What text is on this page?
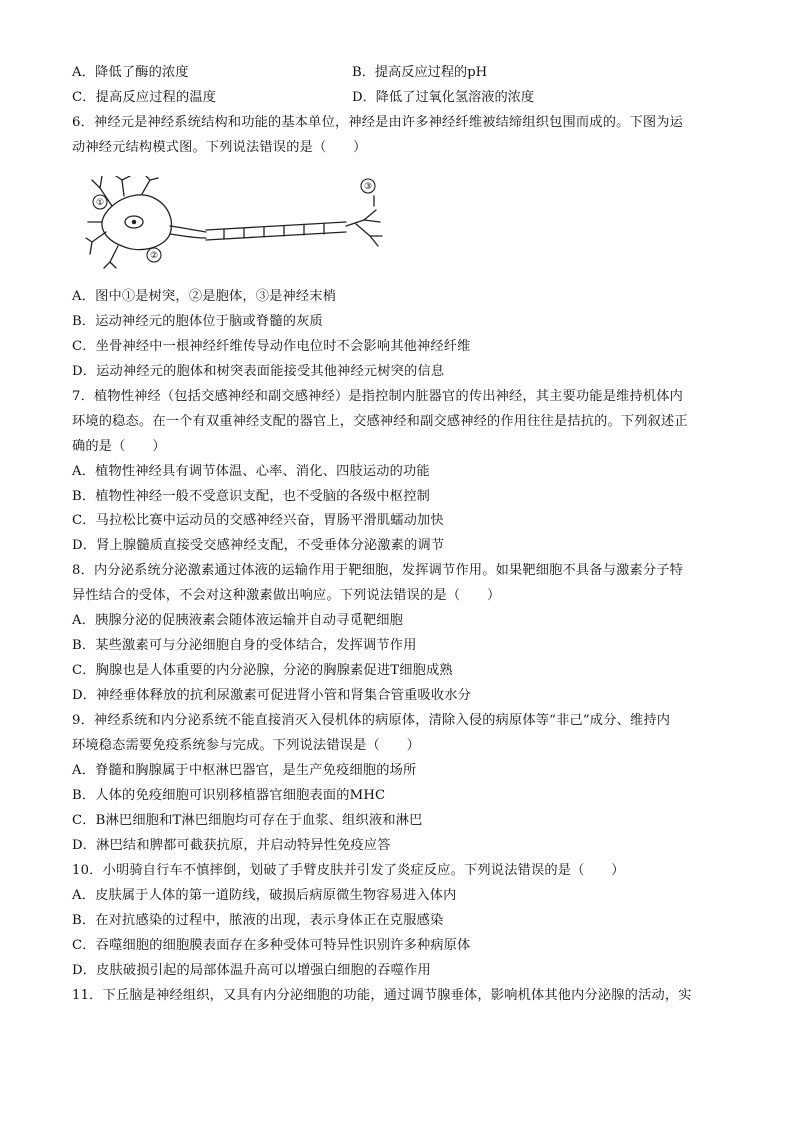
A．降低了酶的浓度	B．提高反应过程的pH
C．提高反应过程的温度	D．降低了过氧化氢溶液的浓度
6．神经元是神经系统结构和功能的基本单位，神经是由许多神经纤维被结缔组织包围而成的。下图为运
动神经元结构模式图。下列说法错误的是（　　）
①
②
③
A．图中①是树突，②是胞体，③是神经末梢
B．运动神经元的胞体位于脑或脊髓的灰质
C．坐骨神经中一根神经纤维传导动作电位时不会影响其他神经纤维
D．运动神经元的胞体和树突表面能接受其他神经元树突的信息
7．植物性神经（包括交感神经和副交感神经）是指控制内脏器官的传出神经，其主要功能是维持机体内
环境的稳态。在一个有双重神经支配的器官上，交感神经和副交感神经的作用往往是拮抗的。下列叙述正
确的是（　　）
A．植物性神经具有调节体温、心率、消化、四肢运动的功能
B．植物性神经一般不受意识支配，也不受脑的各级中枢控制
C．马拉松比赛中运动员的交感神经兴奋，胃肠平滑肌蠕动加快
D．肾上腺髓质直接受交感神经支配，不受垂体分泌激素的调节
8．内分泌系统分泌激素通过体液的运输作用于靶细胞，发挥调节作用。如果靶细胞不具备与激素分子特
异性结合的受体，不会对这种激素做出响应。下列说法错误的是（　　）
A．胰腺分泌的促胰液素会随体液运输并自动寻觅靶细胞
B．某些激素可与分泌细胞自身的受体结合，发挥调节作用
C．胸腺也是人体重要的内分泌腺，分泌的胸腺素促进T细胞成熟
D．神经垂体释放的抗利尿激素可促进肾小管和肾集合管重吸收水分
9．神经系统和内分泌系统不能直接消灭入侵机体的病原体，清除入侵的病原体等“非己”成分、维持内
环境稳态需要免疫系统参与完成。下列说法错误是（　　）
A．脊髓和胸腺属于中枢淋巴器官，是生产免疫细胞的场所
B．人体的免疫细胞可识别移植器官细胞表面的MHC
C．B淋巴细胞和T淋巴细胞均可存在于血浆、组织液和淋巴
D．淋巴结和脾都可截获抗原，并启动特异性免疫应答
10．小明骑自行车不慎摔倒，划破了手臂皮肤并引发了炎症反应。下列说法错误的是（　　）
A．皮肤属于人体的第一道防线，破损后病原微生物容易进入体内
B．在对抗感染的过程中，脓液的出现，表示身体正在克服感染
C．吞噬细胞的细胞膜表面存在多种受体可特异性识别许多种病原体
D．皮肤破损引起的局部体温升高可以增强白细胞的吞噬作用
11．下丘脑是神经组织，又具有内分泌细胞的功能，通过调节腺垂体，影响机体其他内分泌腺的活动，实
